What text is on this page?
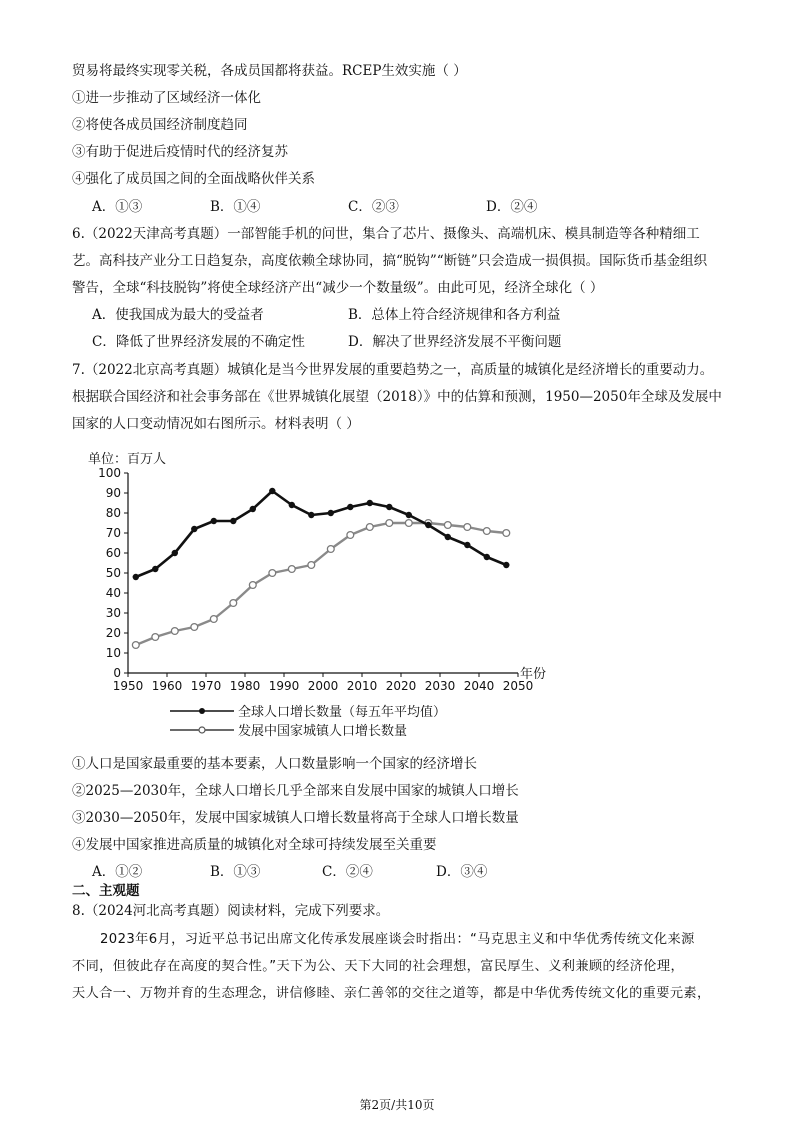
贸易将最终实现零关税，各成员国都将获益。RCEP生效实施（ ）
①进一步推动了区域经济一体化
②将使各成员国经济制度趋同
③有助于促进后疫情时代的经济复苏
④强化了成员国之间的全面战略伙伴关系
A．①③	B．①④	C．②③	D．②④
6.（2022天津高考真题）一部智能手机的问世，集合了芯片、摄像头、高端机床、模具制造等各种精细工
艺。高科技产业分工日趋复杂，高度依赖全球协同，搞“脱钩”“断链”只会造成一损俱损。国际货币基金组织
警告，全球“科技脱钩”将使全球经济产出“减少一个数量级”。由此可见，经济全球化（ ）
A．使我国成为最大的受益者	B．总体上符合经济规律和各方利益
C．降低了世界经济发展的不确定性	D．解决了世界经济发展不平衡问题
7.（2022北京高考真题）城镇化是当今世界发展的重要趋势之一，高质量的城镇化是经济增长的重要动力。
根据联合国经济和社会事务部在《世界城镇化展望（2018）》中的估算和预测，1950—2050年全球及发展中
国家的人口变动情况如右图所示。材料表明（ ）
单位：百万人
0
10
20
30
40
50
60
70
80
90
100
1950 1960 1970 1980 1990 2000 2010 2020 2030 2040 2050
年份
全球人口增长数量（每五年平均值）
发展中国家城镇人口增长数量
①人口是国家最重要的基本要素，人口数量影响一个国家的经济增长
②2025—2030年，全球人口增长几乎全部来自发展中国家的城镇人口增长
③2030—2050年，发展中国家城镇人口增长数量将高于全球人口增长数量
④发展中国家推进高质量的城镇化对全球可持续发展至关重要
A．①②	B．①③	C．②④	D．③④
二、主观题
8.（2024河北高考真题）阅读材料，完成下列要求。
2023年6月，习近平总书记出席文化传承发展座谈会时指出：“马克思主义和中华优秀传统文化来源
不同，但彼此存在高度的契合性。”天下为公、天下大同的社会理想，富民厚生、义利兼顾的经济伦理，
天人合一、万物并育的生态理念，讲信修睦、亲仁善邻的交往之道等，都是中华优秀传统文化的重要元素，
第2页/共10页
